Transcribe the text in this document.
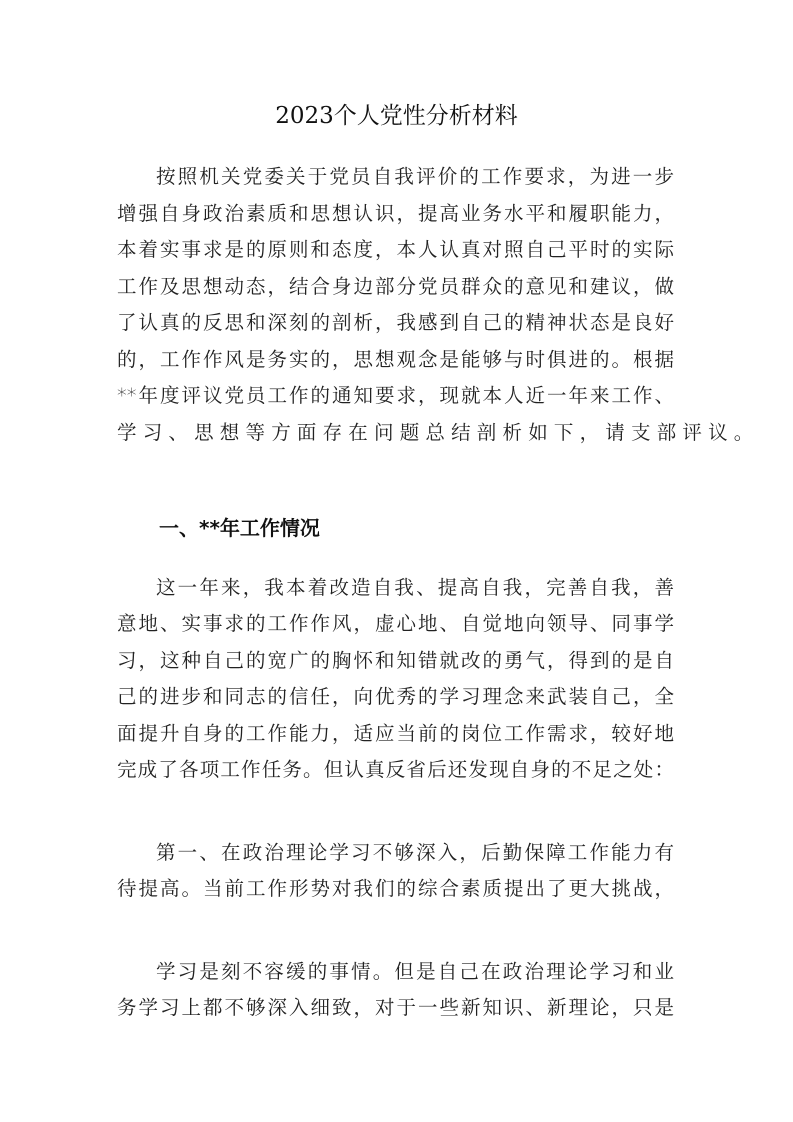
2023个人党性分析材料
按照机关党委关于党员自我评价的工作要求，为进一步
增强自身政治素质和思想认识，提高业务水平和履职能力，
本着实事求是的原则和态度，本人认真对照自己平时的实际
工作及思想动态，结合身边部分党员群众的意见和建议，做
了认真的反思和深刻的剖析，我感到自己的精神状态是良好
的，工作作风是务实的，思想观念是能够与时俱进的。根据
**年度评议党员工作的通知要求，现就本人近一年来工作、
学习、思想等方面存在问题总结剖析如下，请支部评议。
一、**年工作情况
这一年来，我本着改造自我、提高自我，完善自我，善
意地、实事求的工作作风，虚心地、自觉地向领导、同事学
习，这种自己的宽广的胸怀和知错就改的勇气，得到的是自
己的进步和同志的信任，向优秀的学习理念来武装自己，全
面提升自身的工作能力，适应当前的岗位工作需求，较好地
完成了各项工作任务。但认真反省后还发现自身的不足之处：
第一、在政治理论学习不够深入，后勤保障工作能力有
待提高。当前工作形势对我们的综合素质提出了更大挑战，
学习是刻不容缓的事情。但是自己在政治理论学习和业
务学习上都不够深入细致，对于一些新知识、新理论，只是
